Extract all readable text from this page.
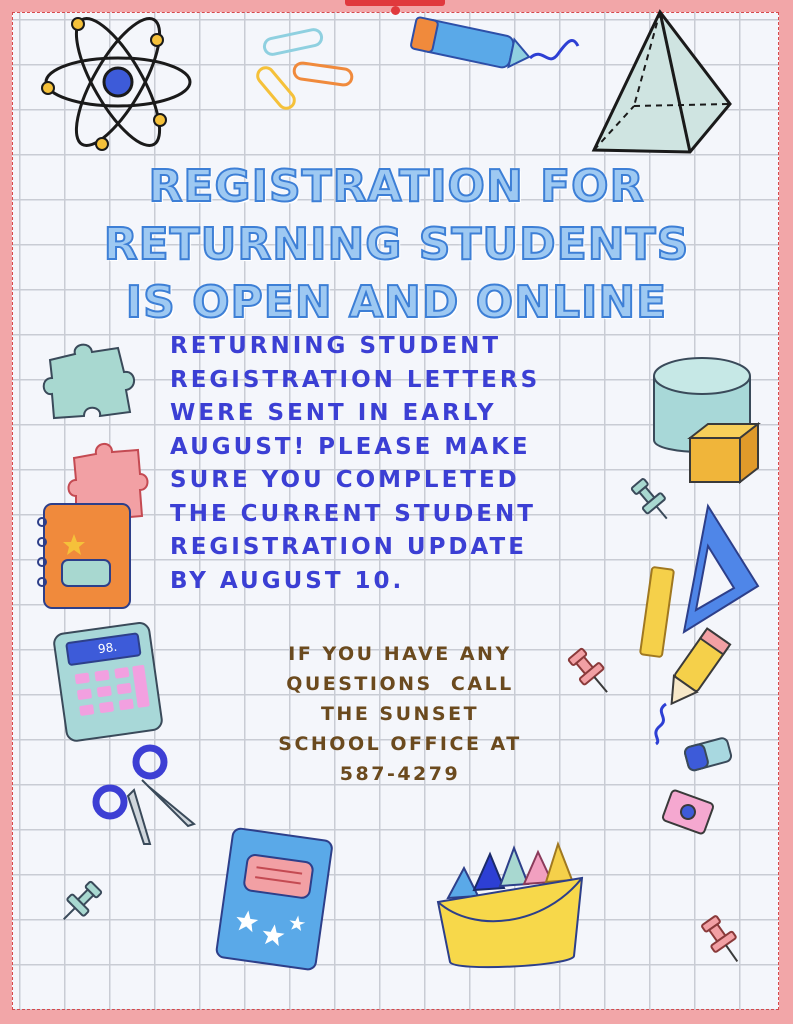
REGISTRATION FOR
RETURNING STUDENTS
IS OPEN AND ONLINE
RETURNING STUDENT
REGISTRATION LETTERS
WERE SENT IN EARLY
AUGUST! PLEASE MAKE
SURE YOU COMPLETED
THE CURRENT STUDENT
REGISTRATION UPDATE
BY AUGUST 10.
98.	IF YOU HAVE ANY
QUESTIONS  CALL
THE SUNSET
SCHOOL OFFICE AT
587-4279
